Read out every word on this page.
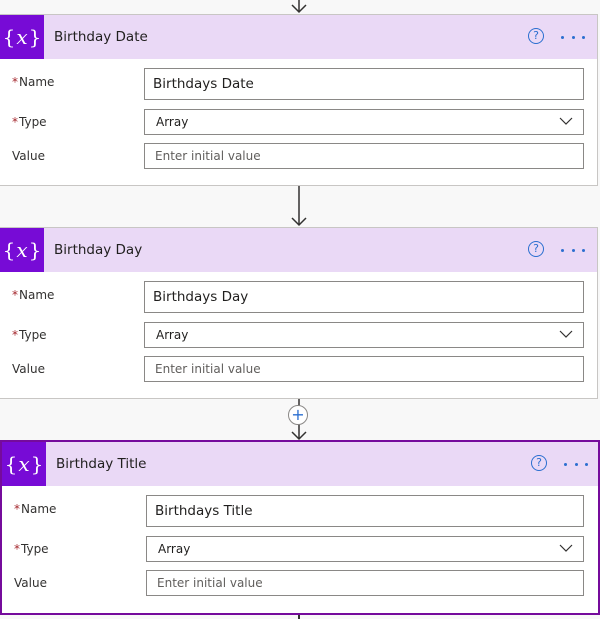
{ x } Birthday Date	?
*Name	Birthdays Date
*Type	Array
Value	Enter initial value
{ x } Birthday Day	?
*Name	Birthdays Day
*Type	Array
Value	Enter initial value
+
{ x } Birthday Title	?
*Name	Birthdays Title
*Type	Array
Value	Enter initial value
